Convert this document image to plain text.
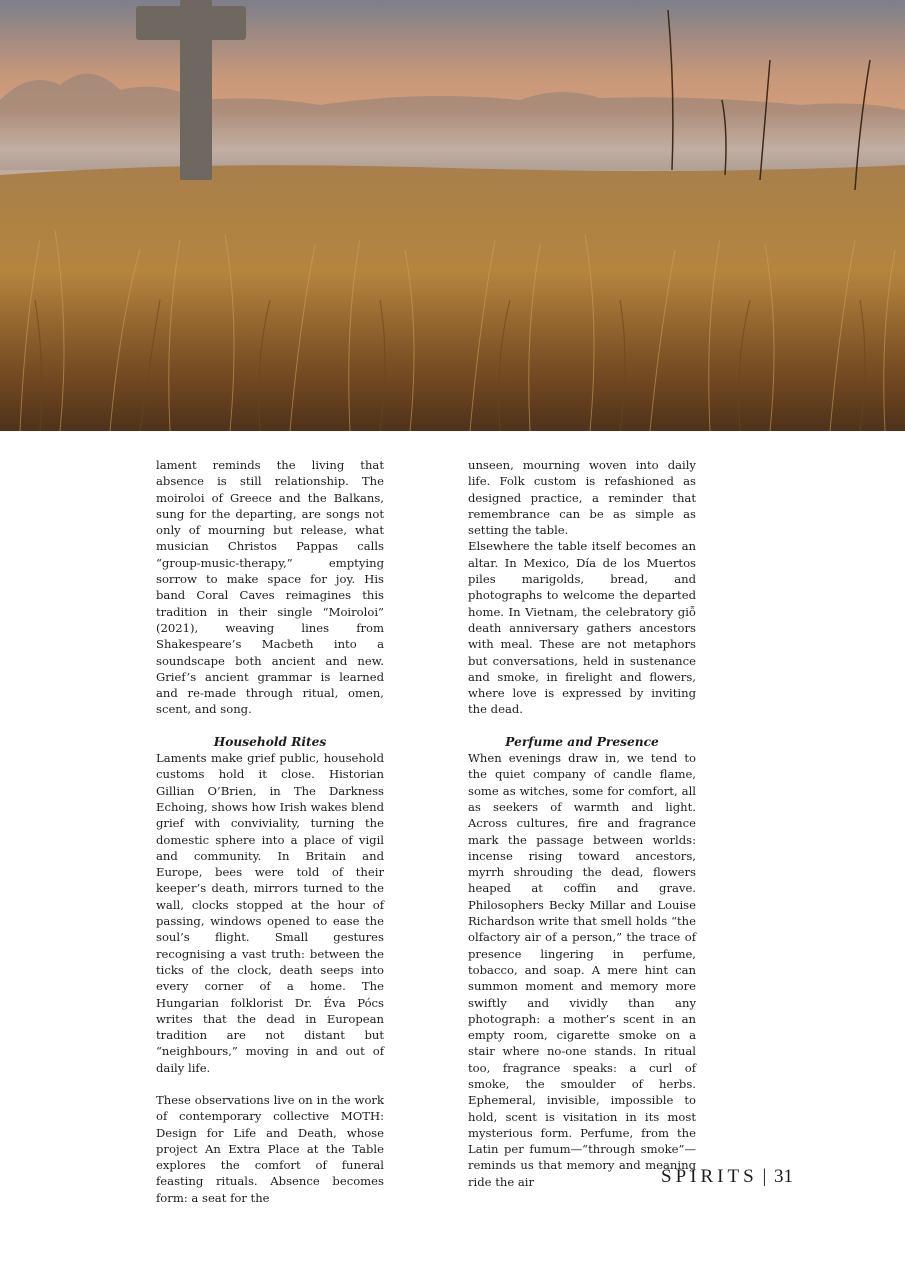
lament reminds the living that absence is still relationship. The moiroloi of Greece and the Balkans, sung for the departing, are songs not only of mourning but release, what musician Christos Pappas calls “group-music-therapy,” emptying sorrow to make space for joy. His band Coral Caves reimagines this tradition in their single “Moiroloi” (2021), weaving lines from Shakespeare’s Macbeth into a soundscape both ancient and new. Grief’s ancient grammar is learned and re-made through ritual, omen, scent, and song.

Household Rites

Laments make grief public, household customs hold it close. Historian Gillian O’Brien, in The Darkness Echoing, shows how Irish wakes blend grief with conviviality, turning the domestic sphere into a place of vigil and community. In Britain and Europe, bees were told of their keeper’s death, mirrors turned to the wall, clocks stopped at the hour of passing, windows opened to ease the soul’s flight. Small gestures recognising a vast truth: between the ticks of the clock, death seeps into every corner of a home. The Hungarian folklorist Dr. Éva Pócs writes that the dead in European tradition are not distant but “neighbours,” moving in and out of daily life.

These observations live on in the work of contemporary collective MOTH: Design for Life and Death, whose project An Extra Place at the Table explores the comfort of funeral feasting rituals. Absence becomes form: a seat for the

unseen, mourning woven into daily life. Folk custom is refashioned as designed practice, a reminder that remembrance can be as simple as setting the table.

Elsewhere the table itself becomes an altar. In Mexico, Día de los Muertos piles marigolds, bread, and photographs to welcome the departed home. In Vietnam, the celebratory giỗ death anniversary gathers ancestors with meal. These are not metaphors but conversations, held in sustenance and smoke, in firelight and flowers, where love is expressed by inviting the dead.

Perfume and Presence

When evenings draw in, we tend to the quiet company of candle flame, some as witches, some for comfort, all as seekers of warmth and light. Across cultures, fire and fragrance mark the passage between worlds: incense rising toward ancestors, myrrh shrouding the dead, flowers heaped at coffin and grave. Philosophers Becky Millar and Louise Richardson write that smell holds “the olfactory air of a person,” the trace of presence lingering in perfume, tobacco, and soap. A mere hint can summon moment and memory more swiftly and vividly than any photograph: a mother’s scent in an empty room, cigarette smoke on a stair where no-one stands. In ritual too, fragrance speaks: a curl of smoke, the smoulder of herbs. Ephemeral, invisible, impossible to hold, scent is visitation in its most mysterious form. Perfume, from the Latin per fumum—“through smoke”—reminds us that memory and meaning ride the air	SPIRITS | 31
